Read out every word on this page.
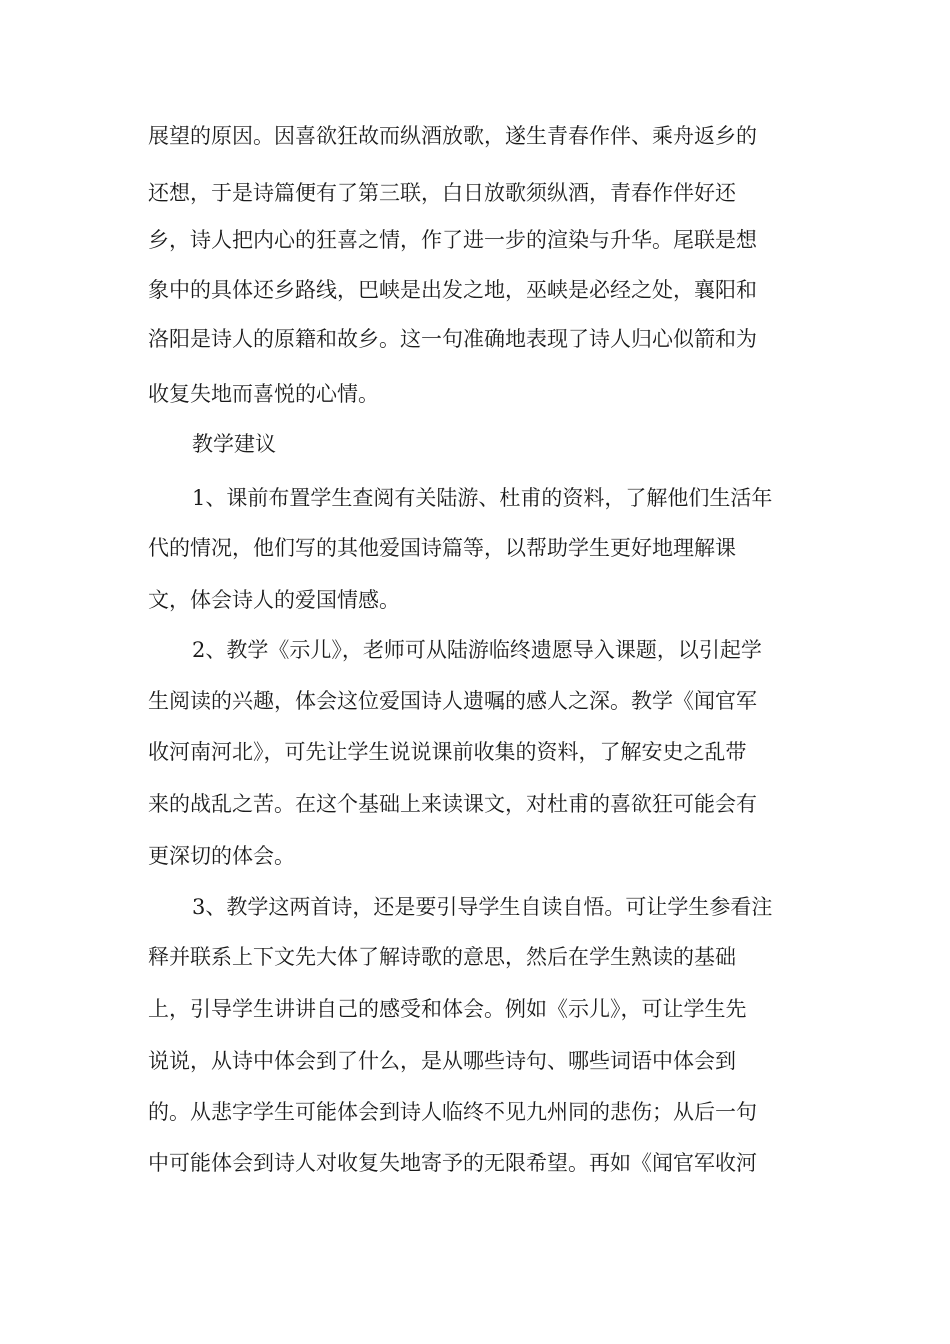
展望的原因。因喜欲狂故而纵酒放歌，遂生青春作伴、乘舟返乡的
还想，于是诗篇便有了第三联，白日放歌须纵酒，青春作伴好还
乡，诗人把内心的狂喜之情，作了进一步的渲染与升华。尾联是想
象中的具体还乡路线，巴峡是出发之地，巫峡是必经之处，襄阳和
洛阳是诗人的原籍和故乡。这一句准确地表现了诗人归心似箭和为
收复失地而喜悦的心情。
教学建议
1、课前布置学生查阅有关陆游、杜甫的资料，了解他们生活年
代的情况，他们写的其他爱国诗篇等，以帮助学生更好地理解课
文，体会诗人的爱国情感。
2、教学《示儿》，老师可从陆游临终遗愿导入课题，以引起学
生阅读的兴趣，体会这位爱国诗人遗嘱的感人之深。教学《闻官军
收河南河北》，可先让学生说说课前收集的资料，了解安史之乱带
来的战乱之苦。在这个基础上来读课文，对杜甫的喜欲狂可能会有
更深切的体会。
3、教学这两首诗，还是要引导学生自读自悟。可让学生参看注
释并联系上下文先大体了解诗歌的意思，然后在学生熟读的基础
上，引导学生讲讲自己的感受和体会。例如《示儿》，可让学生先
说说，从诗中体会到了什么，是从哪些诗句、哪些词语中体会到
的。从悲字学生可能体会到诗人临终不见九州同的悲伤；从后一句
中可能体会到诗人对收复失地寄予的无限希望。再如《闻官军收河
